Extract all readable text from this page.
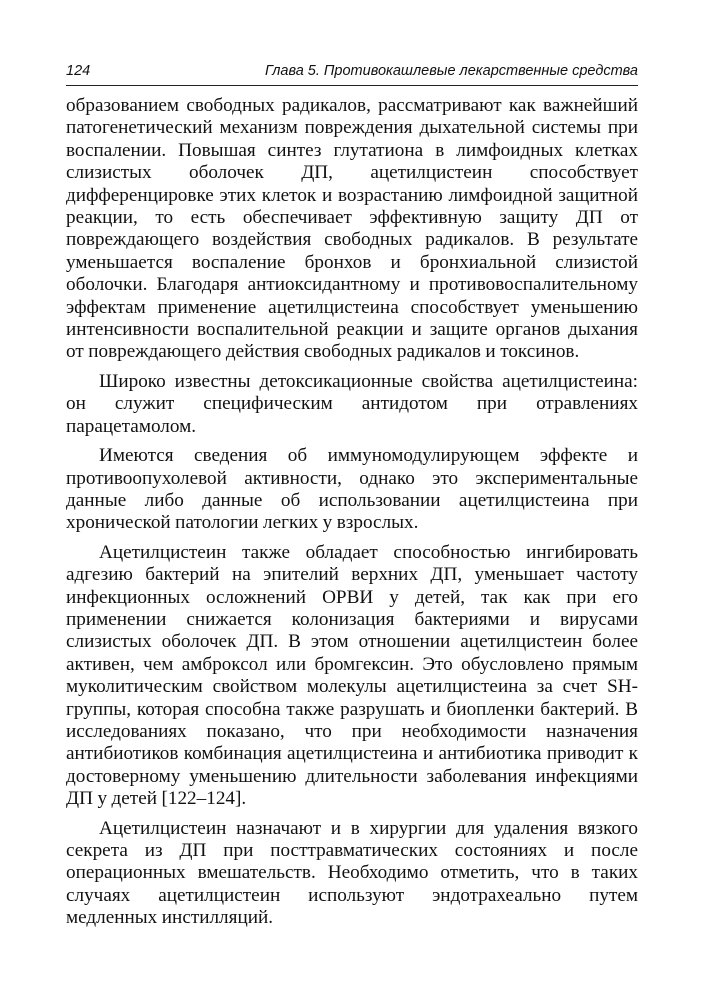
124	Глава 5. Противокашлевые лекарственные средства

образованием свободных радикалов, рассматривают как важнейший патогенетический механизм повреждения дыхательной системы при воспалении. Повышая синтез глутатиона в лимфоидных клетках слизистых оболочек ДП, ацетилцистеин способствует дифференцировке этих клеток и возрастанию лимфоидной защитной реакции, то есть обеспечивает эффективную защиту ДП от повреждающего воздействия свободных радикалов. В результате уменьшается воспаление бронхов и бронхиальной слизистой оболочки. Благодаря антиоксидантному и противовоспалительному эффектам применение ацетилцистеина способствует уменьшению интенсивности воспалительной реакции и защите органов дыхания от повреждающего действия свободных радикалов и токсинов.

Широко известны детоксикационные свойства ацетилцистеина: он служит специфическим антидотом при отравлениях парацетамолом.

Имеются сведения об иммуномодулирующем эффекте и противоопухолевой активности, однако это экспериментальные данные либо данные об использовании ацетилцистеина при хронической патологии легких у взрослых.

Ацетилцистеин также обладает способностью ингибировать адгезию бактерий на эпителий верхних ДП, уменьшает частоту инфекционных осложнений ОРВИ у детей, так как при его применении снижается колонизация бактериями и вирусами слизистых оболочек ДП. В этом отношении ацетилцистеин более активен, чем амброксол или бромгексин. Это обусловлено прямым муколитическим свойством молекулы ацетилцистеина за счет SH-группы, которая способна также разрушать и биопленки бактерий. В исследованиях показано, что при необходимости назначения антибиотиков комбинация ацетилцистеина и антибиотика приводит к достоверному уменьшению длительности заболевания инфекциями ДП у детей [122–124].

Ацетилцистеин назначают и в хирургии для удаления вязкого секрета из ДП при посттравматических состояниях и после операционных вмешательств. Необходимо отметить, что в таких случаях ацетилцистеин используют эндотрахеально путем медленных инстилляций.
